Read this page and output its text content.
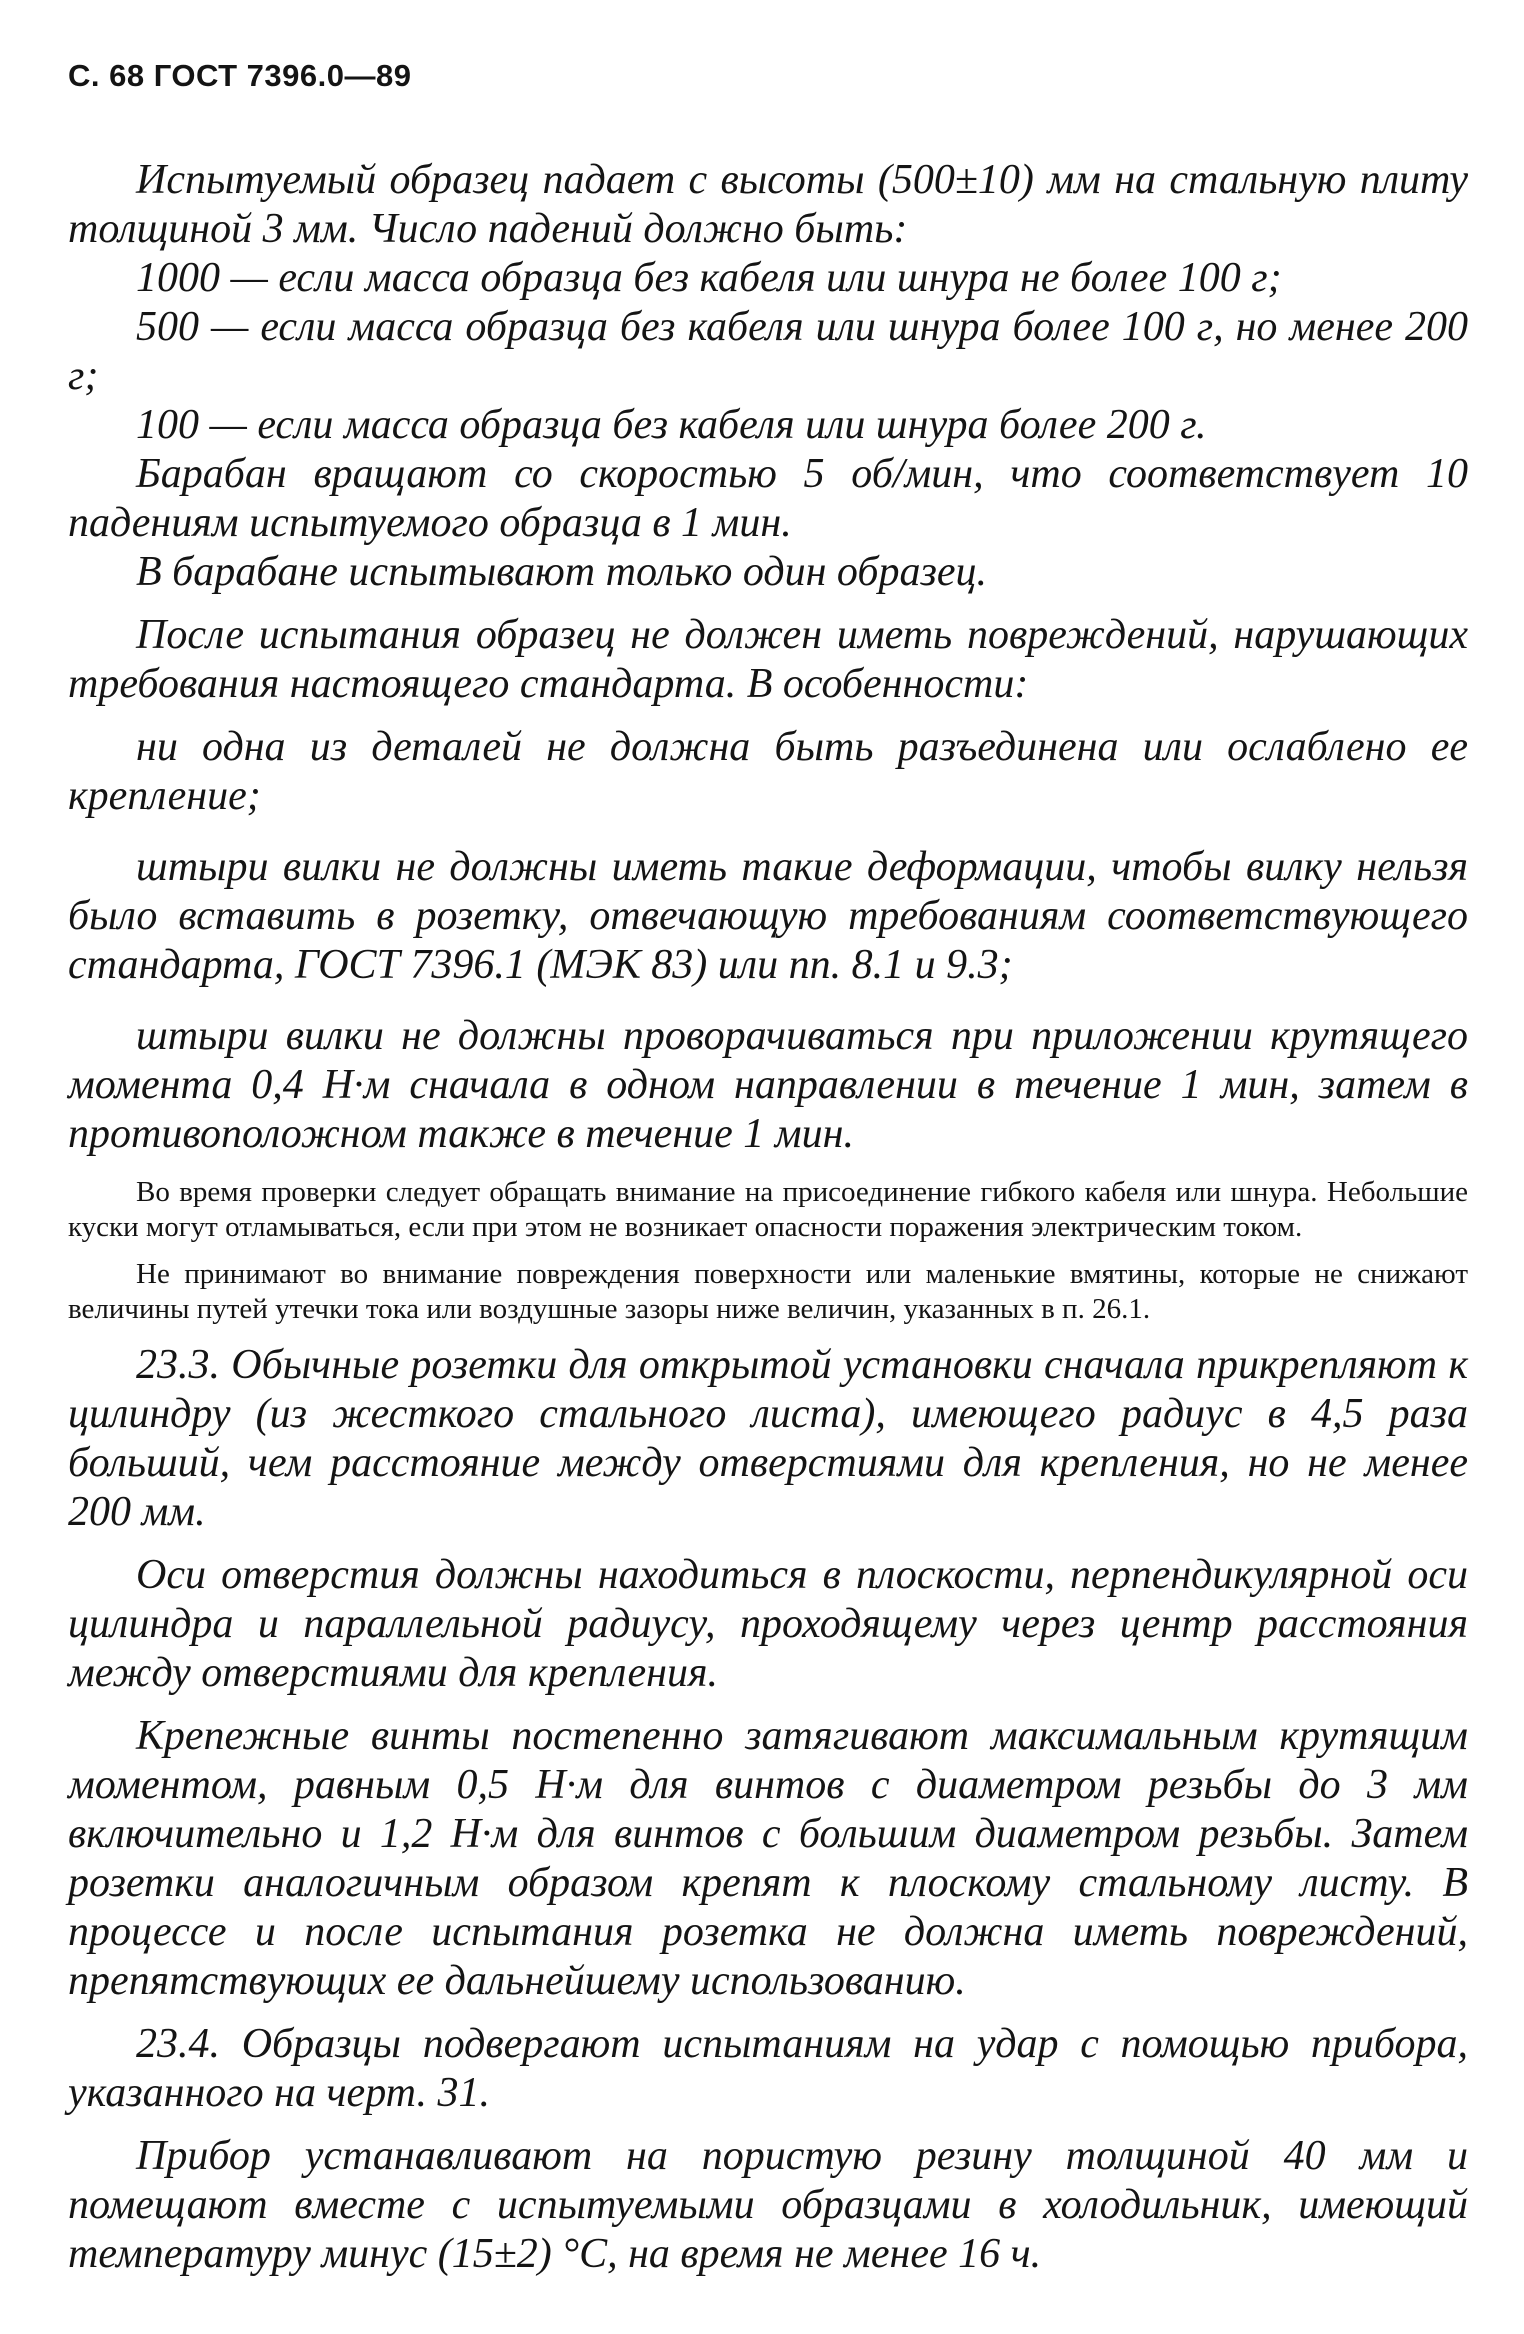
С. 68 ГОСТ 7396.0—89

Испытуемый образец падает с высоты (500±10) мм на стальную плиту толщиной 3 мм. Число падений должно быть:

1000 — если масса образца без кабеля или шнура не более 100 г;

500 — если масса образца без кабеля или шнура более 100 г, но менее 200 г;

100 — если масса образца без кабеля или шнура более 200 г.

Барабан вращают со скоростью 5 об/мин, что соответствует 10 падениям испытуемого образца в 1 мин.

В барабане испытывают только один образец.

После испытания образец не должен иметь повреждений, нарушающих требования настоящего стандарта. В особенности:

ни одна из деталей не должна быть разъединена или ослаблено ее крепление;

штыри вилки не должны иметь такие деформации, чтобы вилку нельзя было вставить в розетку, отвечающую требованиям соответствующего стандарта, ГОСТ 7396.1 (МЭК 83) или пп. 8.1 и 9.3;

штыри вилки не должны проворачиваться при приложении крутящего момента 0,4 Н·м сначала в одном направлении в течение 1 мин, затем в противоположном также в течение 1 мин.

Во время проверки следует обращать внимание на присоединение гибкого кабеля или шнура. Небольшие куски могут отламываться, если при этом не возникает опасности поражения электрическим током.

Не принимают во внимание повреждения поверхности или маленькие вмятины, которые не снижают величины путей утечки тока или воздушные зазоры ниже величин, указанных в п. 26.1.

23.3. Обычные розетки для открытой установки сначала прикрепляют к цилиндру (из жесткого стального листа), имеющего радиус в 4,5 раза больший, чем расстояние между отверстиями для крепления, но не менее 200 мм.

Оси отверстия должны находиться в плоскости, перпендикулярной оси цилиндра и параллельной радиусу, проходящему через центр расстояния между отверстиями для крепления.

Крепежные винты постепенно затягивают максимальным крутящим моментом, равным 0,5 Н·м для винтов с диаметром резьбы до 3 мм включительно и 1,2 Н·м для винтов с большим диаметром резьбы. Затем розетки аналогичным образом крепят к плоскому стальному листу. В процессе и после испытания розетка не должна иметь повреждений, препятствующих ее дальнейшему использованию.

23.4. Образцы подвергают испытаниям на удар с помощью прибора, указанного на черт. 31.

Прибор устанавливают на пористую резину толщиной 40 мм и помещают вместе с испытуемыми образцами в холодильник, имеющий температуру минус (15±2) °С, на время не менее 16 ч.
